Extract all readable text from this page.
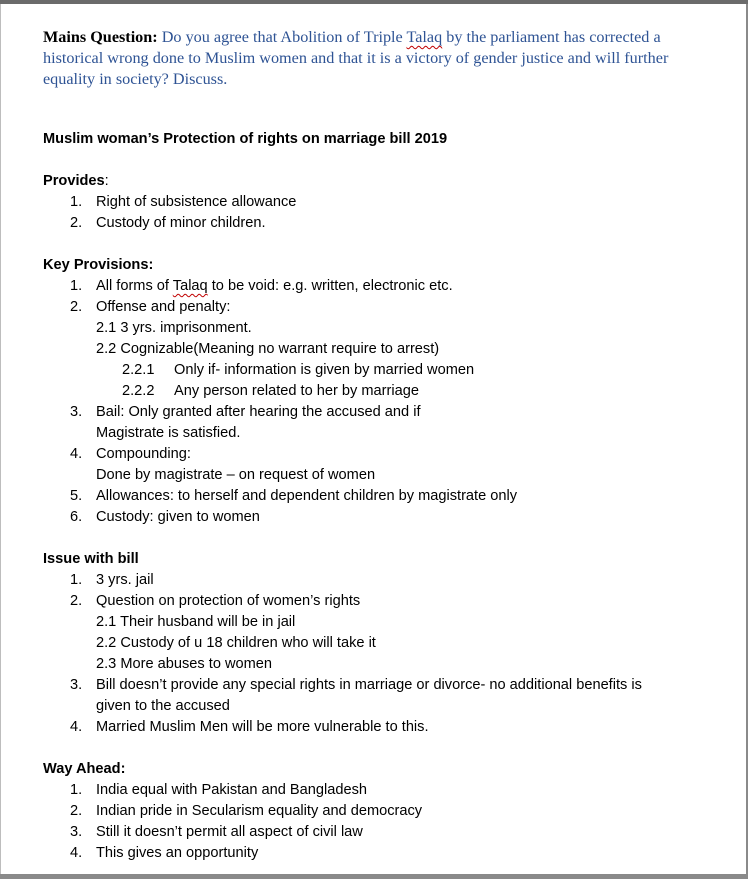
Mains Question: Do you agree that Abolition of Triple Talaq by the parliament has corrected a historical wrong done to Muslim women and that it is a victory of gender justice and will further equality in society? Discuss.

Muslim woman’s Protection of rights on marriage bill 2019
Provides:
1. Right of subsistence allowance
2. Custody of minor children.
Key Provisions:
1. All forms of Talaq to be void: e.g. written, electronic etc.
2. Offense and penalty:
2.1 3 yrs. imprisonment.
2.2 Cognizable(Meaning no warrant require to arrest)
2.2.1	Only if- information is given by married women
2.2.2	Any person related to her by marriage
3. Bail: Only granted after hearing the accused and if
Magistrate is satisfied.
4. Compounding:
Done by magistrate – on request of women
5. Allowances: to herself and dependent children by magistrate only
6. Custody: given to women
Issue with bill
1. 3 yrs. jail
2. Question on protection of women’s rights
2.1 Their husband will be in jail
2.2 Custody of u 18 children who will take it
2.3 More abuses to women
3. Bill doesn’t provide any special rights in marriage or divorce- no additional benefits is
given to the accused
4. Married Muslim Men will be more vulnerable to this.
Way Ahead:
1. India equal with Pakistan and Bangladesh
2. Indian pride in Secularism equality and democracy
3. Still it doesn’t permit all aspect of civil law
4. This gives an opportunity
